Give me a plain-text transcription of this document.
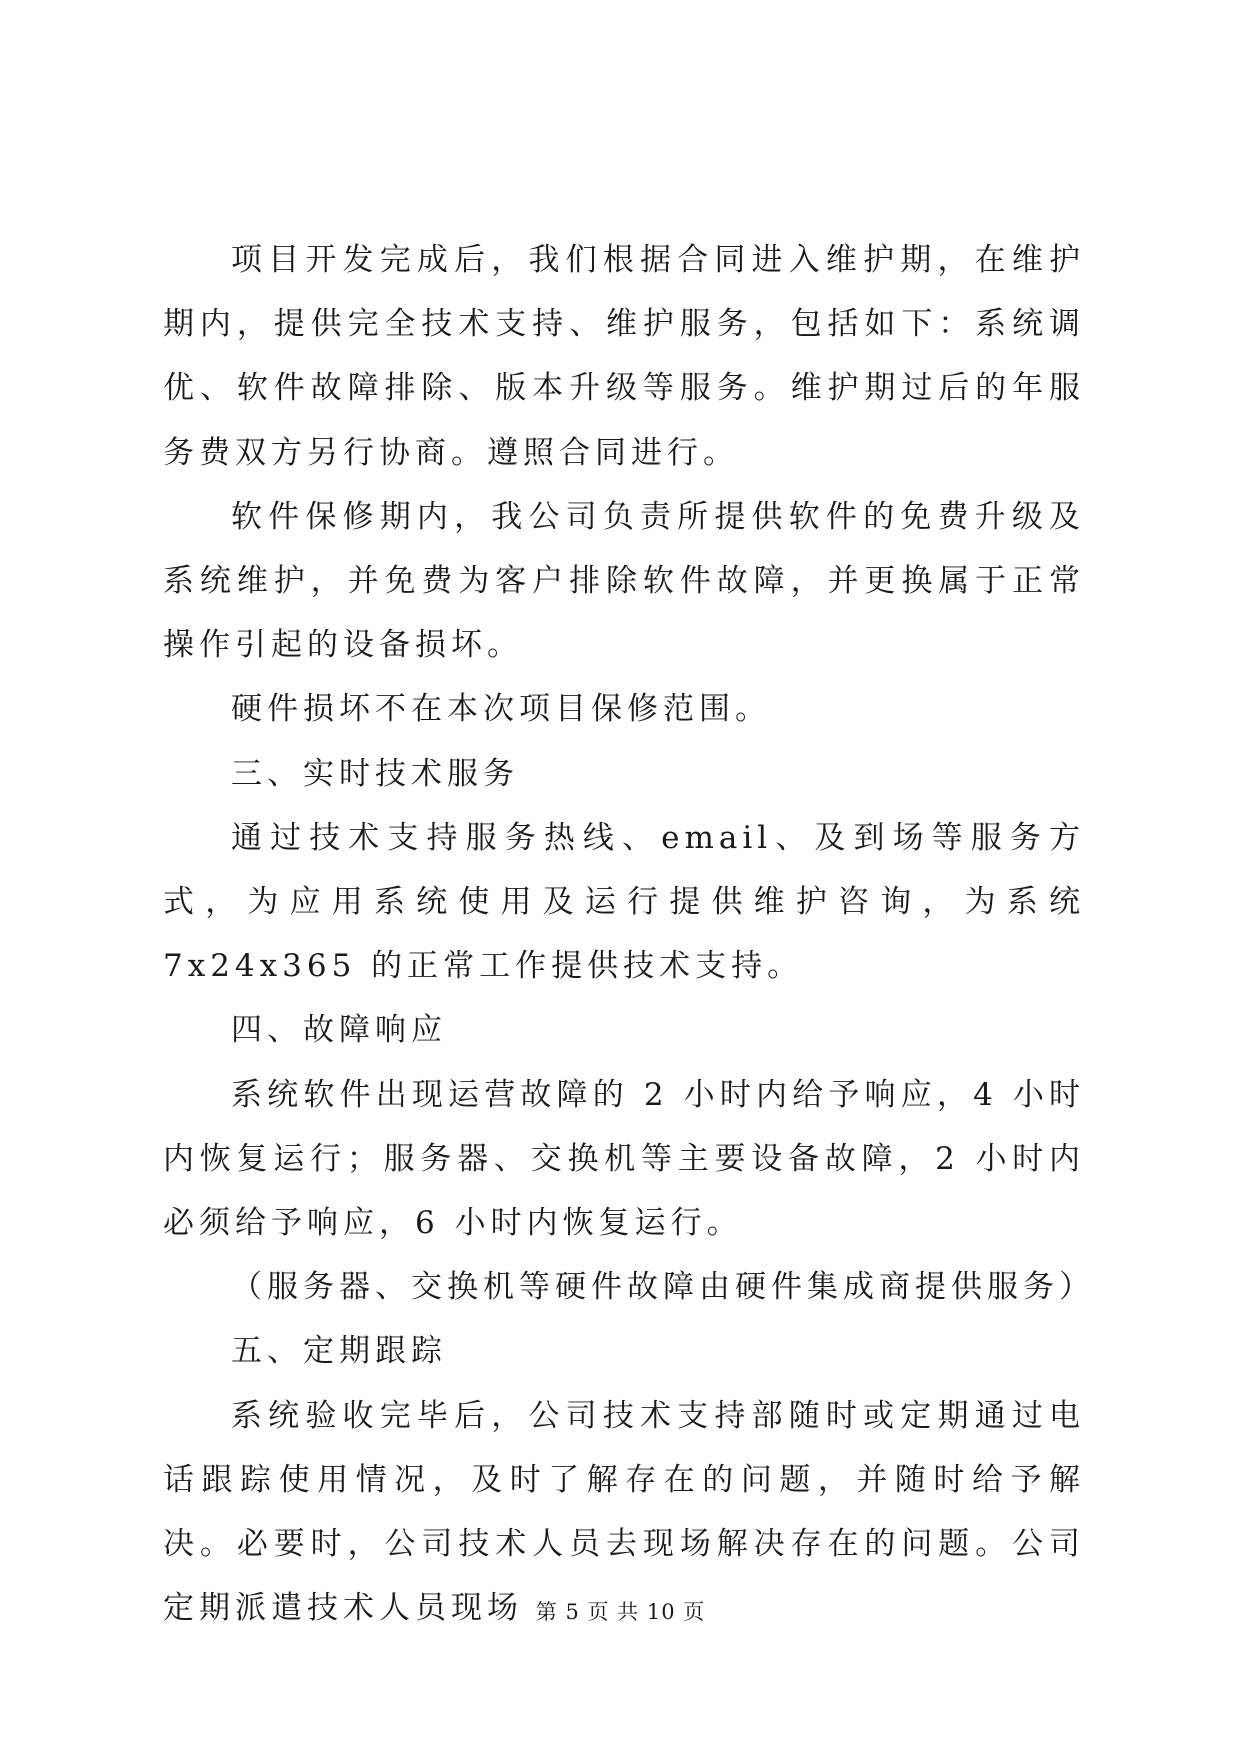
项目开发完成后，我们根据合同进入维护期，在维护期内，提供完全技术支持、维护服务，包括如下：系统调优、软件故障排除、版本升级等服务。维护期过后的年服务费双方另行协商。遵照合同进行。

软件保修期内，我公司负责所提供软件的免费升级及系统维护，并免费为客户排除软件故障，并更换属于正常操作引起的设备损坏。

硬件损坏不在本次项目保修范围。

三、实时技术服务

通过技术支持服务热线、email、及到场等服务方式，为应用系统使用及运行提供维护咨询，为系统 7x24x365 的正常工作提供技术支持。

四、故障响应

系统软件出现运营故障的 2 小时内给予响应，4 小时内恢复运行；服务器、交换机等主要设备故障，2 小时内必须给予响应，6 小时内恢复运行。

（服务器、交换机等硬件故障由硬件集成商提供服务）

五、定期跟踪

系统验收完毕后，公司技术支持部随时或定期通过电话跟踪使用情况，及时了解存在的问题，并随时给予解决。必要时，公司技术人员去现场解决存在的问题。公司定期派遣技术人员现场 第 5 页 共 10 页
